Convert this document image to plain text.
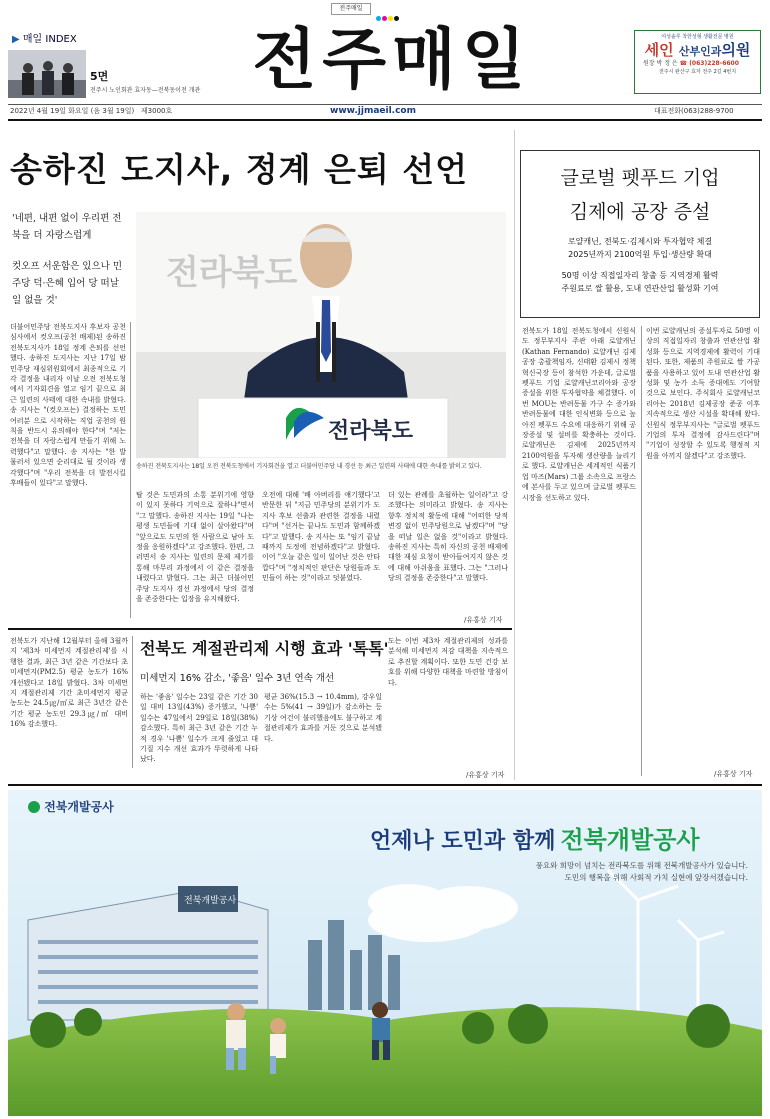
전주매일
▶ 매일 INDEX
5면
전주시 노인회관 효자동—전북동이전 개관 전주매일	여성솔루 착한성형 생활전문 병원
세인 산부인과의원
원장 박 정 은 ☎ (063)228-6600
전주시 완산구 효자 전주 2길 4번지
2022년 4월 19일 화요일 (음 3월 19일) 제3000호	www.jjmaeil.com	대표전화(063)288-9700
송하진 도지사, 정계 은퇴 선언
'네편, 내편 없이 우리편 전북을 더 자랑스럽게
컷오프 서운함은 있으나 민주당 덕·은혜 입어 당 떠날 일 없을 것'
전라북도
전라북도
송하진 전북도지사는 18일 오전 전북도청에서 기자회견을 열고 더불어민주당 내 경선 등 최근 일련의 사태에 대한 속내를 밝히고 있다.
더불어민주당 전북도지사 후보자 공천심사에서 컷오프(공천 배제)된 송하진 전북도지사가 18일 정계 은퇴를 선언했다. 송하진 도지사는 지난 17일 밤 민주당 재심위원회에서 최종적으로 기각 결정을 내리자 이날 오전 전북도청에서 기자회견을 열고 임기 끝으로 최근 일련의 사태에 대한 속내를 밝혔다. 송 지사는 "(컷오프는) 결정하는 도민 여러분 으로 시작하는 직업 공천의 원칙을 반드시 유의해야 한다"며 "저는 전북을 더 자랑스럽게 만들기 위해 노력했다"고 말했다. 송 지사는 "한 발 물러서 있으면 순리대로 될 것이라 생각했다"며 "우리 전북을 더 발전시킬 후배들이 있다"고 말했다.
탈 것은 도민과의 소통 분위기에 영향이 있지 못하다 기억으로 잘하냐"면서 "그 말했다. 송하진 지사는 19일 "나는 평생 도민들에 기대 없이 살아왔다"며 "앞으로도 도민의 한 사람으로 남아 도정을 응원하겠다"고 강조했다. 한편, 그러면서 송 지사는 일련의 문제 제기를 통해 마무리 과정에서 이 같은 결정을 내렸다고 밝혔다. 그는 최근 더불어민주당 도지사 경선 과정에서 당의 결정을 존중한다는 입장을 유지해왔다.
오전에 대해 '배 아버리를 얘기했다'고 반문한 뒤 "지금 민주당의 분위기가 도지사 후보 선출과 관련한 결정을 내렸다"며 "선거는 끝나도 도민과 함께하겠다"고 말했다. 송 지사는 또 "임기 끝날 때까지 도정에 전념하겠다"고 밝혔다. 이어 "오늘 같은 일이 일어난 것은 안타깝다"며 "정치적인 판단은 당원들과 도민들이 하는 것"이라고 덧붙였다.
더 있는 관례를 초월하는 일이라"고 강조했다는 의미라고 밝혔다. 송 지사는 향후 정치적 활동에 대해 "어떠한 당적 변경 없이 민주당원으로 남겠다"며 "당을 떠날 일은 없을 것"이라고 밝혔다. 송하진 지사는 특히 자신의 공천 배제에 대한 재심 요청이 받아들여지지 않은 것에 대해 아쉬움을 표했다. 그는 "그러나 당의 결정을 존중한다"고 말했다.
/유홍상 기자
전북도가 지난해 12월부터 올해 3월까지 '제3차 미세먼지 계절관리제'를 시행한 결과, 최근 3년 같은 기간보다 초미세먼지(PM2.5) 평균 농도가 16% 개선됐다고 18일 밝혔다. 3차 미세먼지 계절관리제 기간 초미세먼지 평균 농도는 24.5㎍/㎥로 최근 3년간 같은 기간 평균 농도인 29.3㎍/㎥ 대비 16% 감소했다.
전북도 계절관리제 시행 효과 '톡톡'
미세먼지 16% 감소, '좋음' 일수 3년 연속 개선
하는 '좋음' 일수는 23일 같은 기간 30일 대비 13일(43%) 증가했고, '나쁨' 일수는 47일에서 29일로 18일(38%) 감소했다. 특히 최근 3년 같은 기간 누적 경우 '나쁨' 일수가 크게 줄었고 대기질 지수 개선 효과가 뚜렷하게 나타났다.
평균 36%(15.3 → 10.4mm), 강우일수는 5%(41 → 39일)가 감소하는 등 기상 여건이 불리했음에도 불구하고 계절관리제가 효과를 거둔 것으로 분석됐다.
도는 이번 제3차 계절관리제의 성과를 분석해 미세먼지 저감 대책을 지속적으로 추진할 계획이다. 또한 도민 건강 보호를 위해 다양한 대책을 마련할 방침이다.
/유홍상 기자
글로벌 펫푸드 기업
김제에 공장 증설
로얄캐닌, 전북도·김제시와 투자협약 체결
2025년까지 2100억원 투입·생산량 확대
50명 이상 직접일자리 창출 등 지역경제 활력
주원료로 쌀 활용, 도내 연관산업 활성화 기여
전북도가 18일 전북도청에서 신원식 도 정무부지사 주관 아래 로얄캐닌(Kathan Fernando) 로얄캐닌 김제공장 총괄책임자, 신태환 김제시 정책혁신국장 등이 참석한 가운데, 글로벌 펫푸드 기업 로얄캐닌코리아와 공장증설을 위한 투자협약을 체결했다. 이번 MOU는 반려동물 가구 수 증가와 반려동물에 대한 인식변화 등으로 높아진 펫푸드 수요에 대응하기 위해 공장증설 및 설비를 확충하는 것이다. 로얄캐닌은 김제에 2025년까지 2100억원을 투자해 생산량을 늘리기로 했다. 로얄캐닌은 세계적인 식품기업 마즈(Mars) 그룹 소속으로 프랑스에 본사를 두고 있으며 글로벌 펫푸드 시장을 선도하고 있다.
이번 로얄캐닌의 증설투자로 50명 이상의 직접일자리 창출과 연관산업 활성화 등으로 지역경제에 활력이 기대된다. 또한, 제품의 주원료로 쌀 가공품을 사용하고 있어 도내 연관산업 활성화 및 농가 소득 증대에도 기여할 것으로 보인다. 주식회사 로얄캐닌코리아는 2018년 김제공장 준공 이후 지속적으로 생산 시설을 확대해 왔다. 신원식 정무부지사는 "글로벌 펫푸드 기업의 투자 결정에 감사드린다"며 "기업이 성장할 수 있도록 행정적 지원을 아끼지 않겠다"고 강조했다.
/유홍상 기자
전북개발공사
전북개발공사
언제나 도민과 함께 전북개발공사
풍요와 희망이 넘치는 전라북도를 위해 전북개발공사가 있습니다.
도민의 행복을 위해 사회적 가치 실현에 앞장서겠습니다.
